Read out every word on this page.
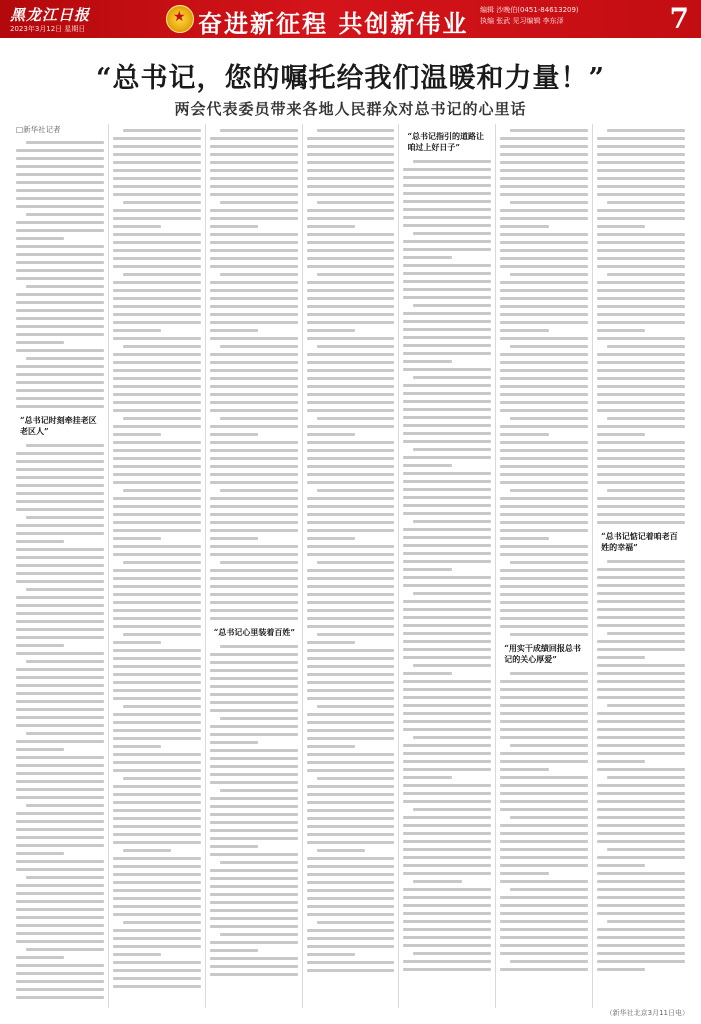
黑龙江日报
2023年3月12日 星期日
★	奋进新征程 共创新伟业 编辑 沙晚伯(0451-84613209)
执编 张武 见习编辑 李东泽	7
“总书记，您的嘱托给我们温暖和力量！”
两会代表委员带来各地人民群众对总书记的心里话
□新华社记者
“总书记时刻牵挂老区老区人”
“总书记心里装着百姓”
“总书记指引的道路让咱过上好日子”
“用实干成绩回报总书记的关心厚爱”
“总书记惦记着咱老百姓的幸福”
（新华社北京3月11日电）
